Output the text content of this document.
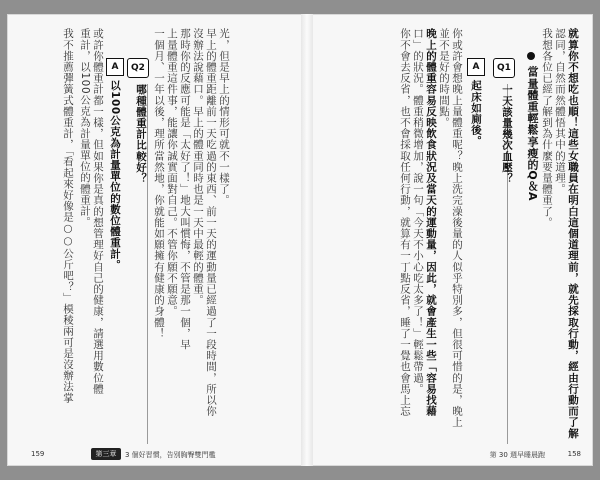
光，但是早上的情形可就不一樣了。
早上的體重距離前一天吃過的東西、前一天的運動量已經過了一段時間，所以你
沒辦法說藉口。早上的體重同時也是一天中最輕的體重。
那時你的反應可能是「太好了！」地大叫慣悔，不管是那一個，早
上量體重這件事，能讓你誠實面對自己。不管你願不願意。
一個月、一年以後，理所當然地，你就能如願擁有健康的身體！
Q2
哪種體重計比較好？
A
以100公克為計量單位的數位體重計。
或許你體重計都一樣，但如果你是真的想管理好自己的健康，請選用數位體
重計，以100公克為計量單位的體重計。
我不推薦彈簧式體重計，「看起來好像是○○公斤吧？」模稜兩可是沒辦法掌
159	第三章	3 個好習慣，告別胸臀雙門檻
就算你不想吃也順！這些女職員在明白這個道理前，就先採取行動，經由行動而了解
認同，自然而然體悟其中的道理。
我想各位已經了解到為什麼要量體重了。
當量體重輕鬆享瘦的Q＆A
Q1
一天該量幾次血壓？
A
起床如廁後。
你或許會想晚上量體重呢？晚上洗完澡後量的人似乎特別多，但很可惜的是，晚上
並不是好的時間點。
晚上的體重容易反映飲食狀況及當天的運動量，因此，就會產生一些「容易找藉
口」的狀況。體重稍微增加，說一句「今天不小心吃太多了！」輕鬆帶過。
你不會去反省，也不會採取任何行動，就算有一丁點反省，睡了一覺也會馬上忘
第 30 週早睡晨跑	158
